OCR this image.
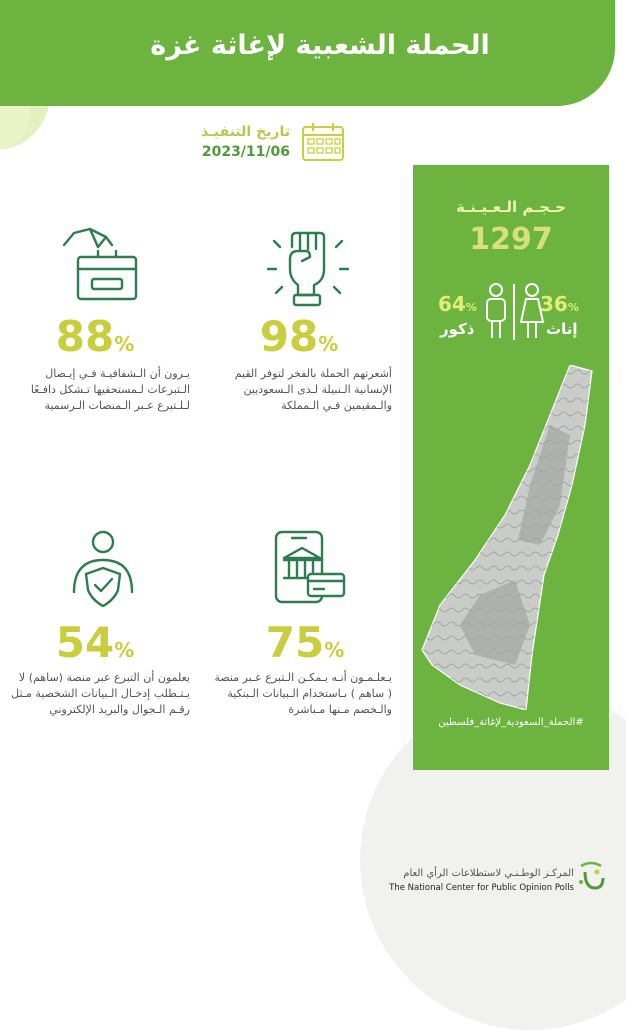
الحملة الشعبية لإغاثة غزة
تاريخ التنفيـذ
2023/11/06
حـجـم الـعـيـنـة
1297
36%
64%
إناث
ذكور
#الحملة_السعودية_لإغاثة_فلسطين
88%
يـرون أن الـشفافيـة فـي إيـصال الـتبرعات لـمستحقيها تـشكل دافـعًا لـلـتبرع عـبر الـمنصات الـرسمية
98%
أشعرتهم الحملة بالفخر لتوفر القيم الإنسانية الـنبيلة لـدى الـسعوديين والـمقيمين فـي الـمملكة
54%
يعلمون أن التبرع عبر منصة (ساهم) لا يـتـطلب إدخـال الـبيانات الشخصية مـثل رقـم الـجوال والبريد الإلكتروني
75%
يـعلـمـون أنـه يـمكـن الـتبرع عـبر منصة ( ساهم ) بـاستخدام الـبيانات الـبنكية والـخصم مـنها مـباشرة
المركـز الوطـنـي لاستطلاعات الرأي العام
The National Center for Public Opinion Polls
